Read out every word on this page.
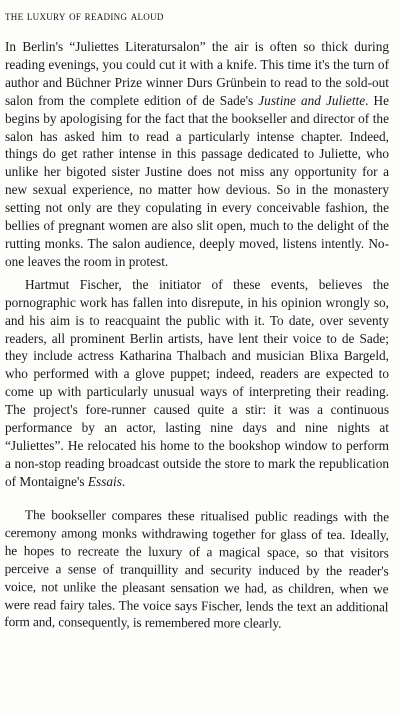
the luxury of reading aloud

In Berlin's “Juliettes Literatursalon” the air is often so thick during reading evenings, you could cut it with a knife. This time it's the turn of author and Büchner Prize winner Durs Grünbein to read to the sold-out salon from the complete edition of de Sade's Justine and Juliette. He begins by apologising for the fact that the bookseller and director of the salon has asked him to read a particularly intense chapter. Indeed, things do get rather intense in this passage dedicated to Juliette, who unlike her bigoted sister Justine does not miss any opportunity for a new sexual experience, no matter how devious. So in the monastery setting not only are they copulating in every conceivable fashion, the bellies of pregnant women are also slit open, much to the delight of the rutting monks. The salon audience, deeply moved, listens intently. No-one leaves the room in protest.

Hartmut Fischer, the initiator of these events, believes the pornographic work has fallen into disrepute, in his opinion wrongly so, and his aim is to reacquaint the public with it. To date, over seventy readers, all prominent Berlin artists, have lent their voice to de Sade; they include actress Katharina Thalbach and musician Blixa Bargeld, who performed with a glove puppet; indeed, readers are expected to come up with particularly unusual ways of interpreting their reading. The project's fore-runner caused quite a stir: it was a continuous performance by an actor, lasting nine days and nine nights at “Juliettes”. He relocated his home to the bookshop window to perform a non-stop reading broadcast outside the store to mark the republication of Montaigne's Essais.

The bookseller compares these ritualised public readings with the ceremony among monks withdrawing together for glass of tea. Ideally, he hopes to recreate the luxury of a magical space, so that visitors perceive a sense of tranquillity and security induced by the reader's voice, not unlike the pleasant sensation we had, as children, when we were read fairy tales. The voice says Fischer, lends the text an additional form and, consequently, is remembered more clearly.
